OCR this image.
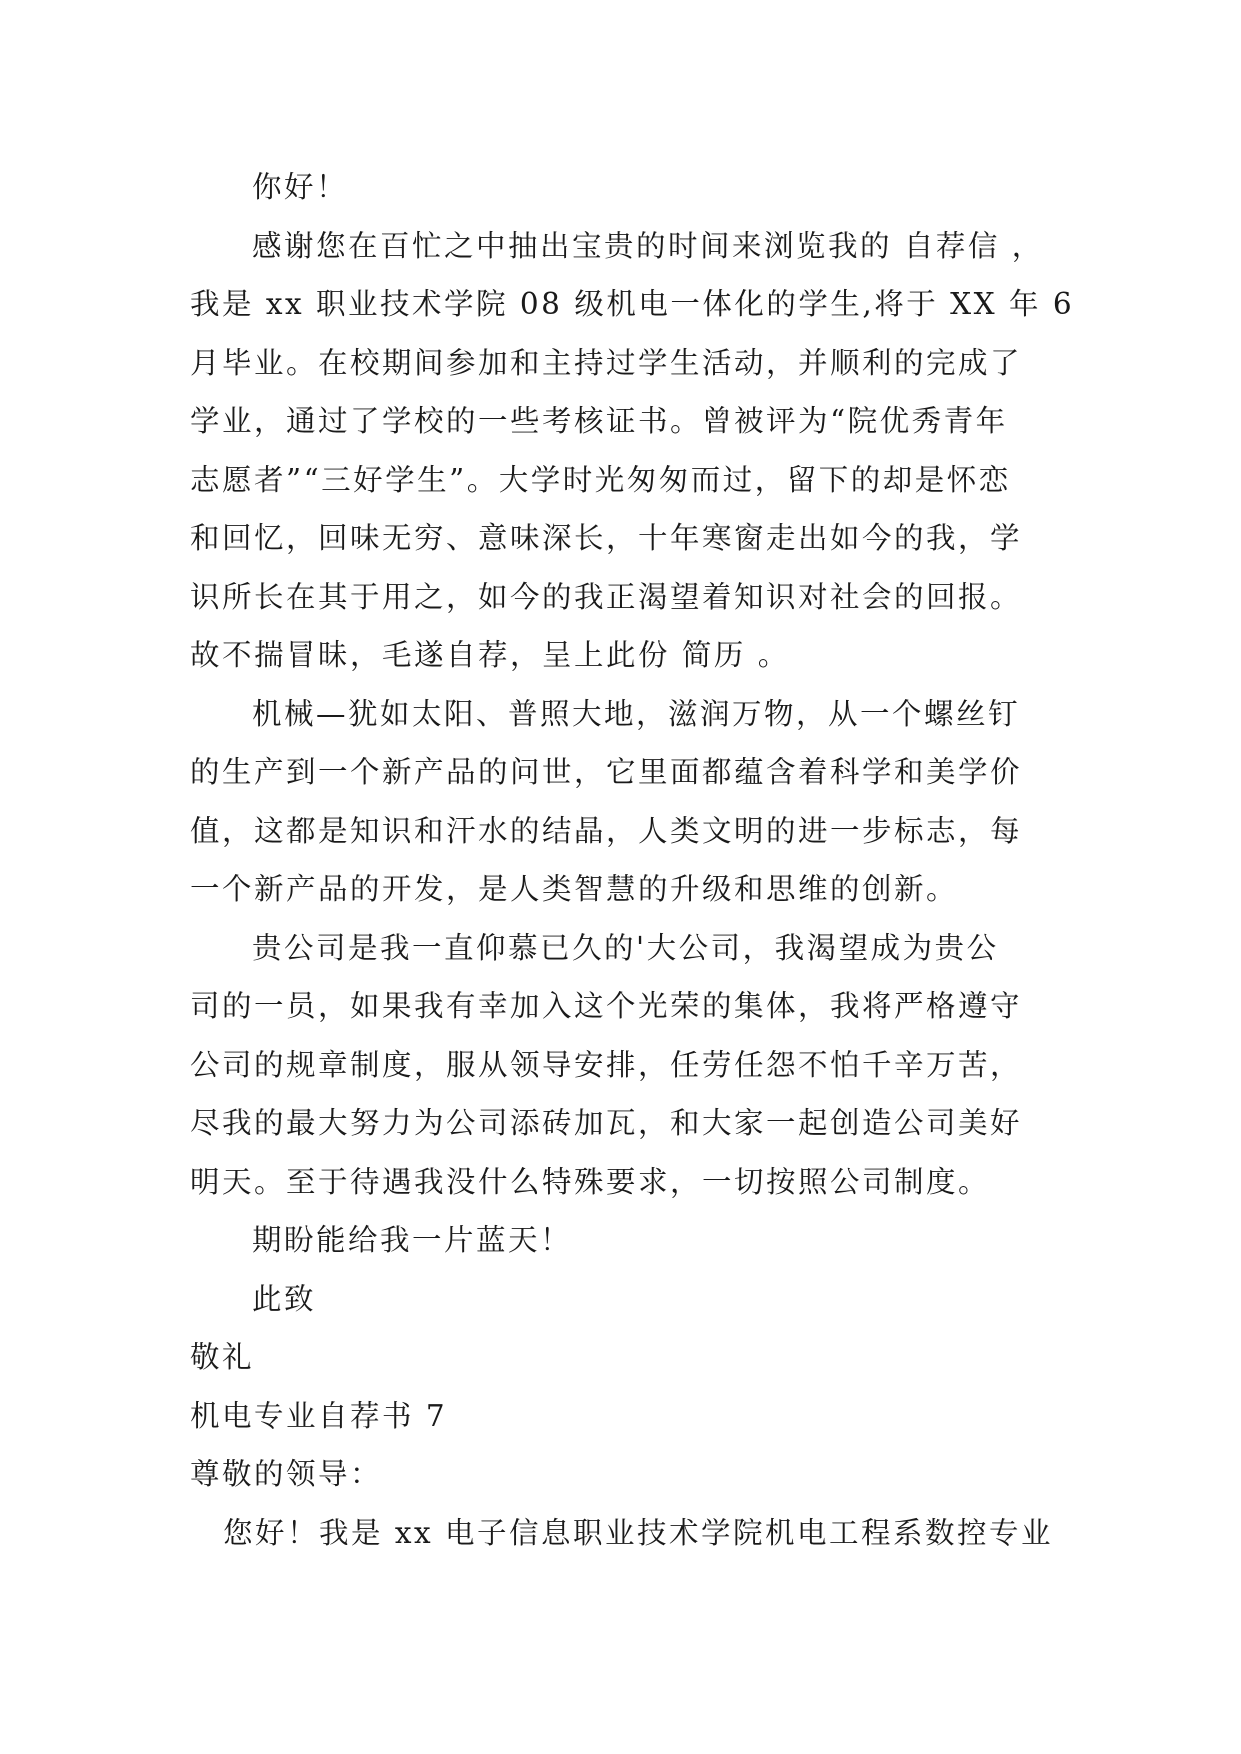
你好！
感谢您在百忙之中抽出宝贵的时间来浏览我的 自荐信 ，
我是 xx 职业技术学院 08 级机电一体化的学生,将于 XX 年 6
月毕业。在校期间参加和主持过学生活动，并顺利的完成了
学业，通过了学校的一些考核证书。曾被评为“院优秀青年
志愿者”“三好学生”。大学时光匆匆而过，留下的却是怀恋
和回忆，回味无穷、意味深长，十年寒窗走出如今的我，学
识所长在其于用之，如今的我正渴望着知识对社会的回报。
故不揣冒昧，毛遂自荐，呈上此份 简历 。
机械—犹如太阳、普照大地，滋润万物，从一个螺丝钉
的生产到一个新产品的问世，它里面都蕴含着科学和美学价
值，这都是知识和汗水的结晶，人类文明的进一步标志，每
一个新产品的开发，是人类智慧的升级和思维的创新。
贵公司是我一直仰慕已久的'大公司，我渴望成为贵公
司的一员，如果我有幸加入这个光荣的集体，我将严格遵守
公司的规章制度，服从领导安排，任劳任怨不怕千辛万苦，
尽我的最大努力为公司添砖加瓦，和大家一起创造公司美好
明天。至于待遇我没什么特殊要求，一切按照公司制度。
期盼能给我一片蓝天！
此致
敬礼
机电专业自荐书 7
尊敬的领导：
您好！我是 xx 电子信息职业技术学院机电工程系数控专业
